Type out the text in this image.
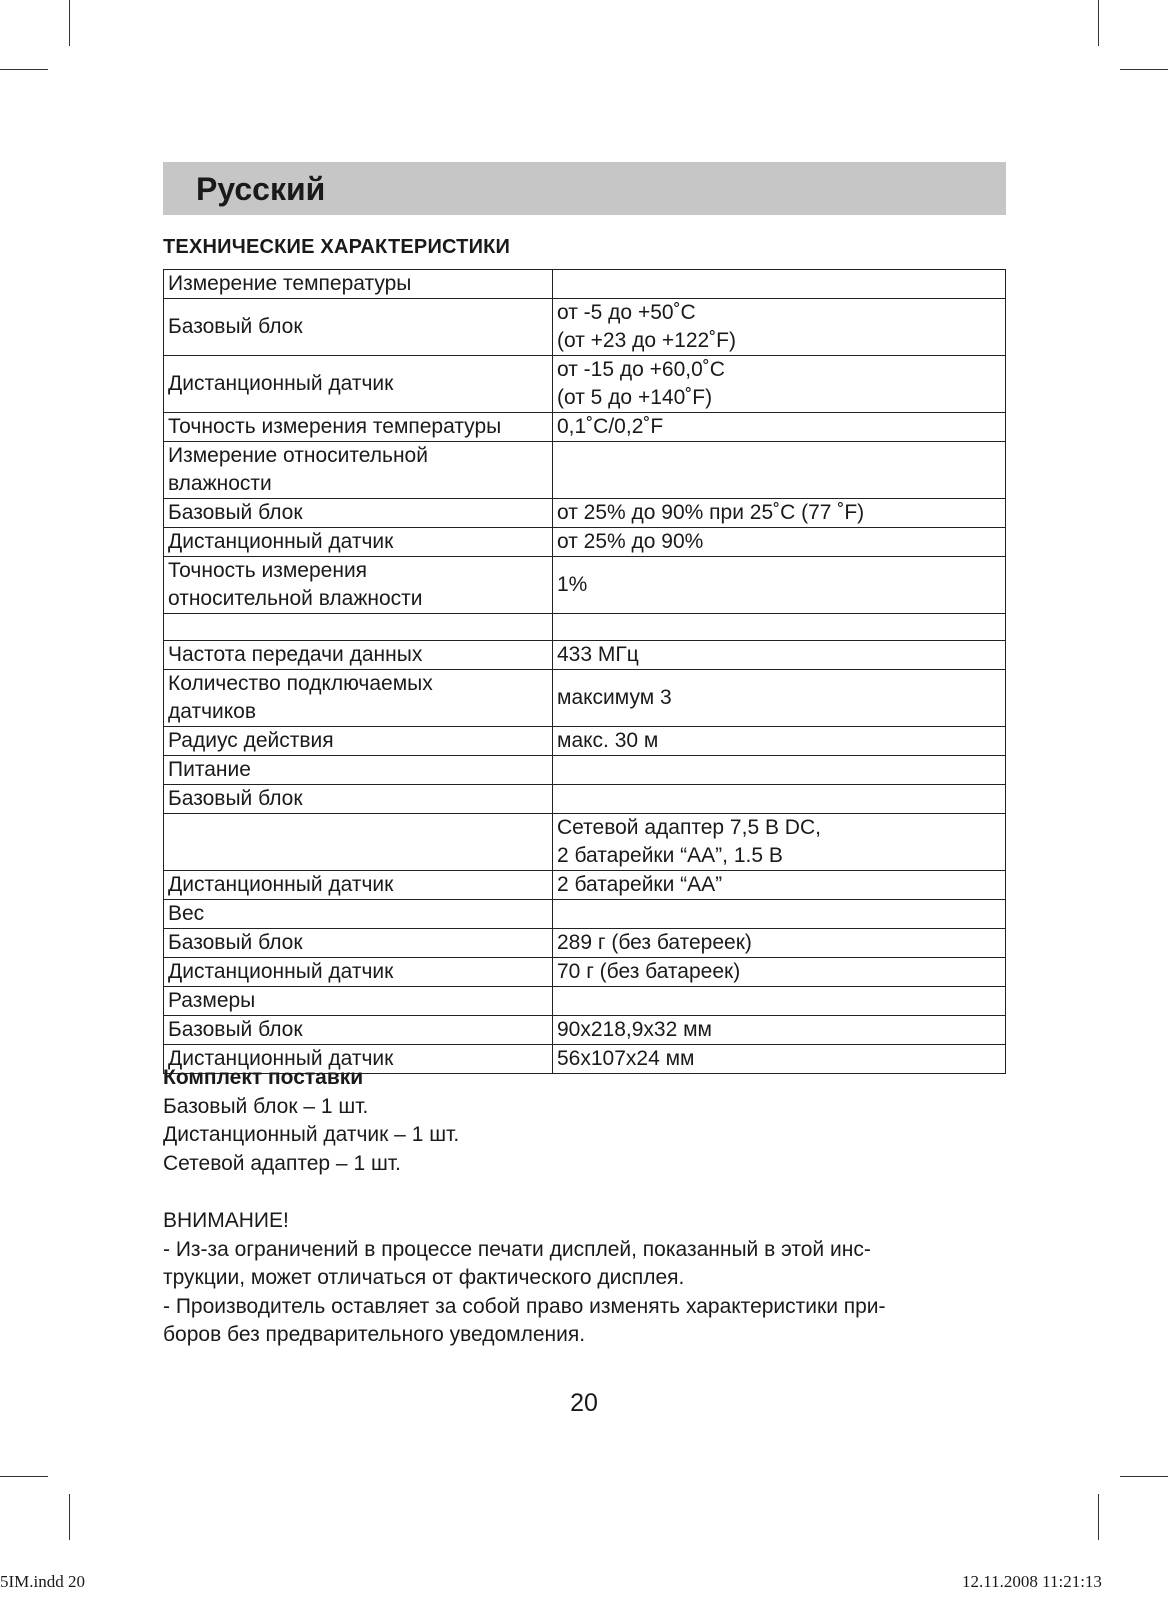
Русский
ТЕХНИЧЕСКИЕ ХАРАКТЕРИСТИКИ
Измерение температуры	
Базовый блок	от -5 до +50˚С
(от +23 до +122˚F)
Дистанционный датчик	от -15 до +60,0˚С
(от 5 до +140˚F)
Точность измерения температуры	0,1˚С/0,2˚F
Измерение относительной
влажности	
Базовый блок	от 25% до 90% при 25˚С (77 ˚F)
Дистанционный датчик	от 25% до 90%
Точность измерения
относительной влажности	1%

Частота передачи данных	433 МГц
Количество подключаемых
датчиков	максимум 3
Радиус действия	макс. 30 м
Питание	
Базовый блок	
	Сетевой адаптер 7,5 В DC,
2 батарейки “АА”, 1.5 В
Дистанционный датчик	2 батарейки “АА”
Вес	
Базовый блок	289 г (без батереек)
Дистанционный датчик	70 г (без батареек)
Размеры	
Базовый блок	90x218,9x32 мм
Дистанционный датчик	56x107x24 мм
Комплект поставки
Базовый блок – 1 шт.
Дистанционный датчик – 1 шт.
Сетевой адаптер – 1 шт.

ВНИМАНИЕ!

- Из-за ограничений в процессе печати дисплей, показанный в этой инс-

трукции, может отличаться от фактического дисплея.

- Производитель оставляет за собой право изменять характеристики при-

боров без предварительного уведомления.

20
5IM.indd 20	12.11.2008 11:21:13
